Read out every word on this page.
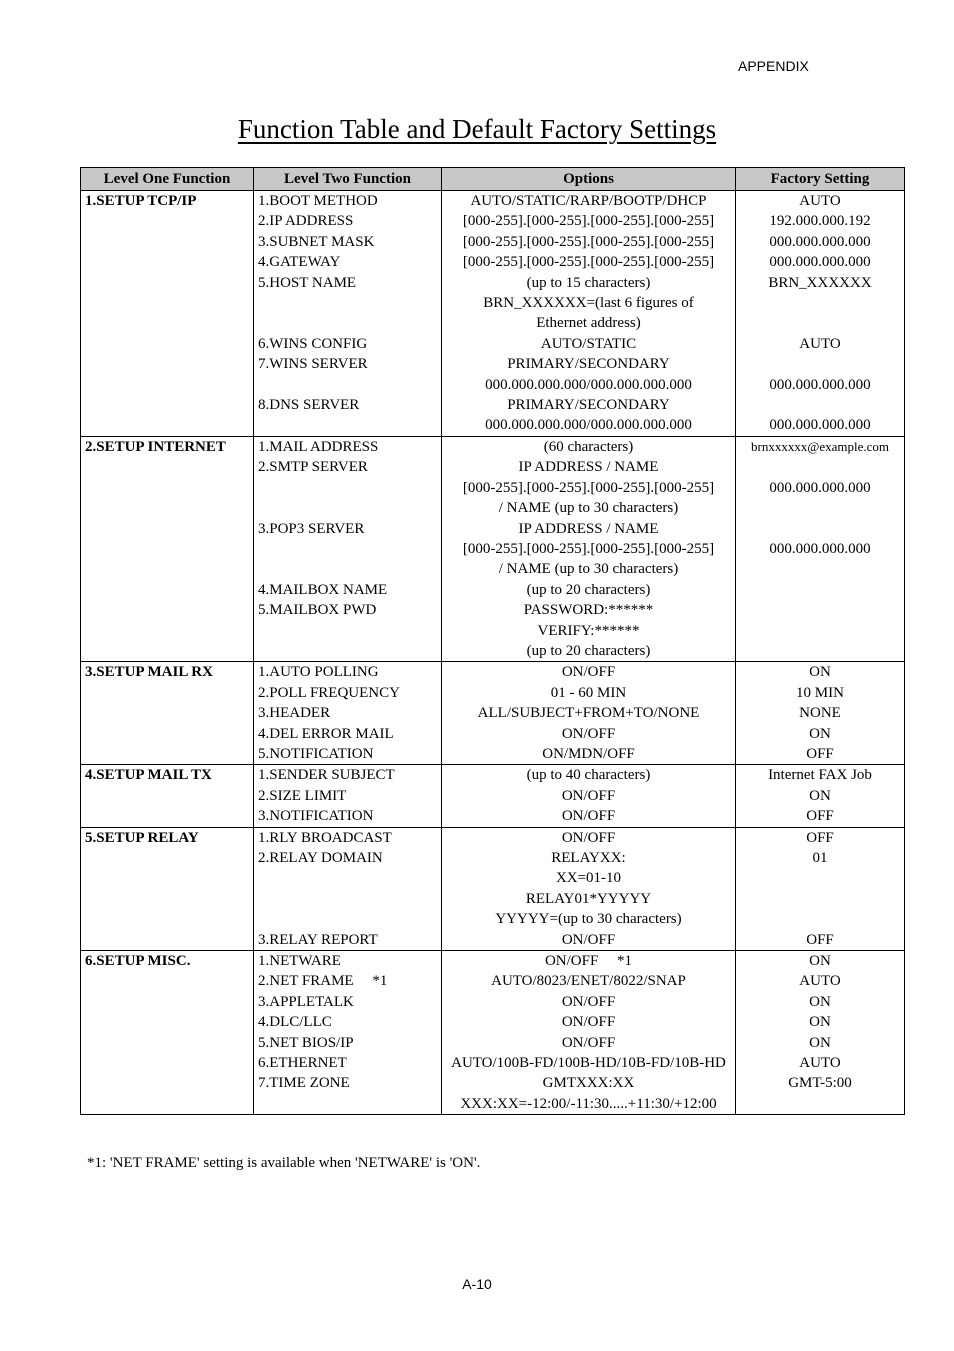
APPENDIX
Function Table and Default Factory Settings
Level One Function	Level Two Function	Options	Factory Setting
1.SETUP TCP/IP	1.BOOT METHOD	AUTO/STATIC/RARP/BOOTP/DHCP	AUTO
	2.IP ADDRESS	[000-255].[000-255].[000-255].[000-255]	192.000.000.192
	3.SUBNET MASK	[000-255].[000-255].[000-255].[000-255]	000.000.000.000
	4.GATEWAY	[000-255].[000-255].[000-255].[000-255]	000.000.000.000
	5.HOST NAME	(up to 15 characters)	BRN_XXXXXX
		BRN_XXXXXX=(last 6 figures of	
		Ethernet address)	
	6.WINS CONFIG	AUTO/STATIC	AUTO
	7.WINS SERVER	PRIMARY/SECONDARY	
		000.000.000.000/000.000.000.000	000.000.000.000
	8.DNS SERVER	PRIMARY/SECONDARY	
		000.000.000.000/000.000.000.000	000.000.000.000
2.SETUP INTERNET	1.MAIL ADDRESS	(60 characters)	brnxxxxxx@example.com
	2.SMTP SERVER	IP ADDRESS / NAME	
		[000-255].[000-255].[000-255].[000-255]	000.000.000.000
		/ NAME (up to 30 characters)	
	3.POP3 SERVER	IP ADDRESS / NAME	
		[000-255].[000-255].[000-255].[000-255]	000.000.000.000
		/ NAME (up to 30 characters)	
	4.MAILBOX NAME	(up to 20 characters)	
	5.MAILBOX PWD	PASSWORD:******	
		VERIFY:******	
		(up to 20 characters)	
3.SETUP MAIL RX	1.AUTO POLLING	ON/OFF	ON
	2.POLL FREQUENCY	01 - 60 MIN	10 MIN
	3.HEADER	ALL/SUBJECT+FROM+TO/NONE	NONE
	4.DEL ERROR MAIL	ON/OFF	ON
	5.NOTIFICATION	ON/MDN/OFF	OFF
4.SETUP MAIL TX	1.SENDER SUBJECT	(up to 40 characters)	Internet FAX Job
	2.SIZE LIMIT	ON/OFF	ON
	3.NOTIFICATION	ON/OFF	OFF
5.SETUP RELAY	1.RLY BROADCAST	ON/OFF	OFF
	2.RELAY DOMAIN	RELAYXX:	01
		XX=01-10	
		RELAY01*YYYYY	
		YYYYY=(up to 30 characters)	
	3.RELAY REPORT	ON/OFF	OFF
6.SETUP MISC.	1.NETWARE	ON/OFF     *1	ON
	2.NET FRAME     *1	AUTO/8023/ENET/8022/SNAP	AUTO
	3.APPLETALK	ON/OFF	ON
	4.DLC/LLC	ON/OFF	ON
	5.NET BIOS/IP	ON/OFF	ON
	6.ETHERNET	AUTO/100B-FD/100B-HD/10B-FD/10B-HD	AUTO
	7.TIME ZONE	GMTXXX:XX	GMT-5:00
		XXX:XX=-12:00/-11:30.....+11:30/+12:00	
*1: 'NET FRAME' setting is available when 'NETWARE' is 'ON'.
A-10
